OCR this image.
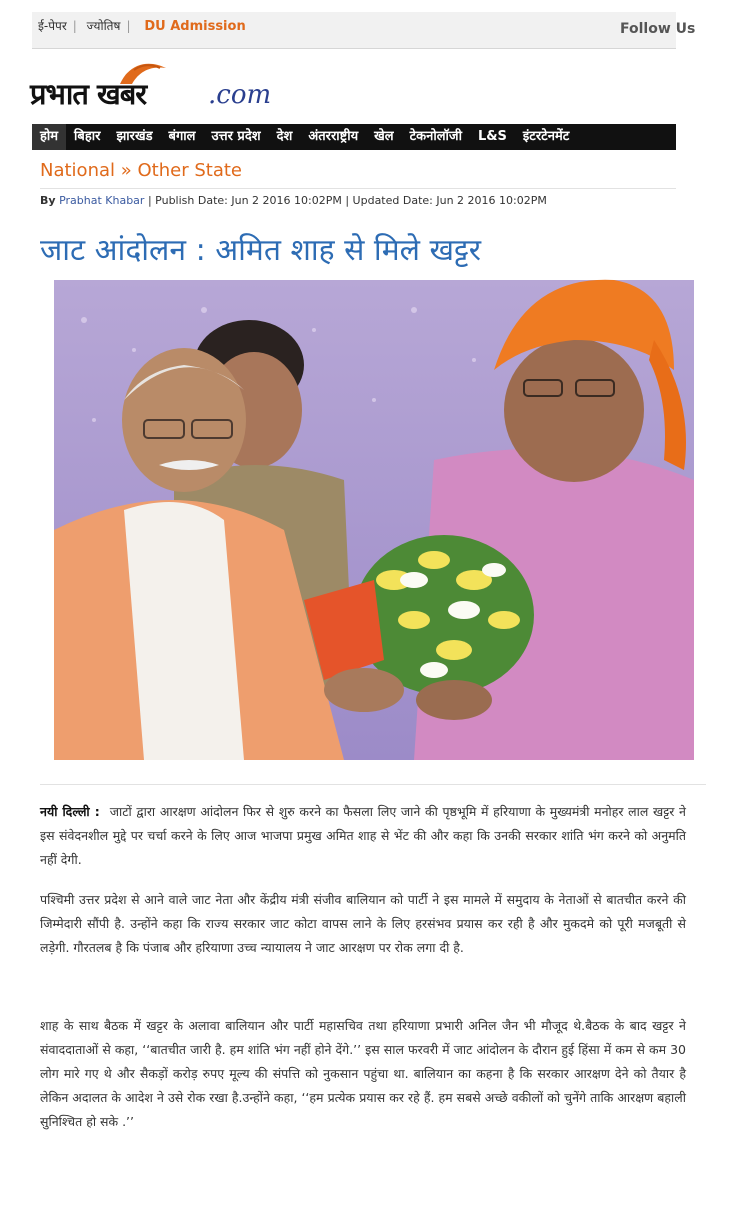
ई-पेपर | ज्योतिष | DU Admission	Follow Us
प्रभात खबर .com
होम	बिहार	झारखंड	बंगाल	उत्तर प्रदेश	देश	अंतरराष्ट्रीय	खेल	टेकनोलॉजी	L&S	इंटरटेनमेंट
National » Other State
By Prabhat Khabar | Publish Date: Jun 2 2016 10:02PM | Updated Date: Jun 2 2016 10:02PM
जाट आंदोलन : अमित शाह से मिले खट्टर
नयी दिल्ली : जाटों द्वारा आरक्षण आंदोलन फिर से शुरु करने का फैसला लिए जाने की पृष्ठभूमि में हरियाणा के मुख्यमंत्री मनोहर लाल खट्टर ने इस संवेदनशील मुद्दे पर चर्चा करने के लिए आज भाजपा प्रमुख अमित शाह से भेंट की और कहा कि उनकी सरकार शांति भंग करने को अनुमति नहीं देगी.
पश्चिमी उत्तर प्रदेश से आने वाले जाट नेता और केंद्रीय मंत्री संजीव बालियान को पार्टी ने इस मामले में समुदाय के नेताओं से बातचीत करने की जिम्मेदारी सौंपी है. उन्होंने कहा कि राज्य सरकार जाट कोटा वापस लाने के लिए हरसंभव प्रयास कर रही है और मुकदमे को पूरी मजबूती से लड़ेगी. गौरतलब है कि पंजाब और हरियाणा उच्च न्यायालय ने जाट आरक्षण पर रोक लगा दी है.
शाह के साथ बैठक में खट्टर के अलावा बालियान और पार्टी महासचिव तथा हरियाणा प्रभारी अनिल जैन भी मौजूद थे.बैठक के बाद खट्टर ने संवाददाताओं से कहा, ‘‘बातचीत जारी है. हम शांति भंग नहीं होने देंगे.’’ इस साल फरवरी में जाट आंदोलन के दौरान हुई हिंसा में कम से कम 30 लोग मारे गए थे और सैकड़ों करोड़ रुपए मूल्य की संपत्ति को नुकसान पहुंचा था. बालियान का कहना है कि सरकार आरक्षण देने को तैयार है लेकिन अदालत के आदेश ने उसे रोक रखा है.उन्होंने कहा, ‘‘हम प्रत्येक प्रयास कर रहे हैं. हम सबसे अच्छे वकीलों को चुनेंगे ताकि आरक्षण बहाली सुनिश्चित हो सके .’’
